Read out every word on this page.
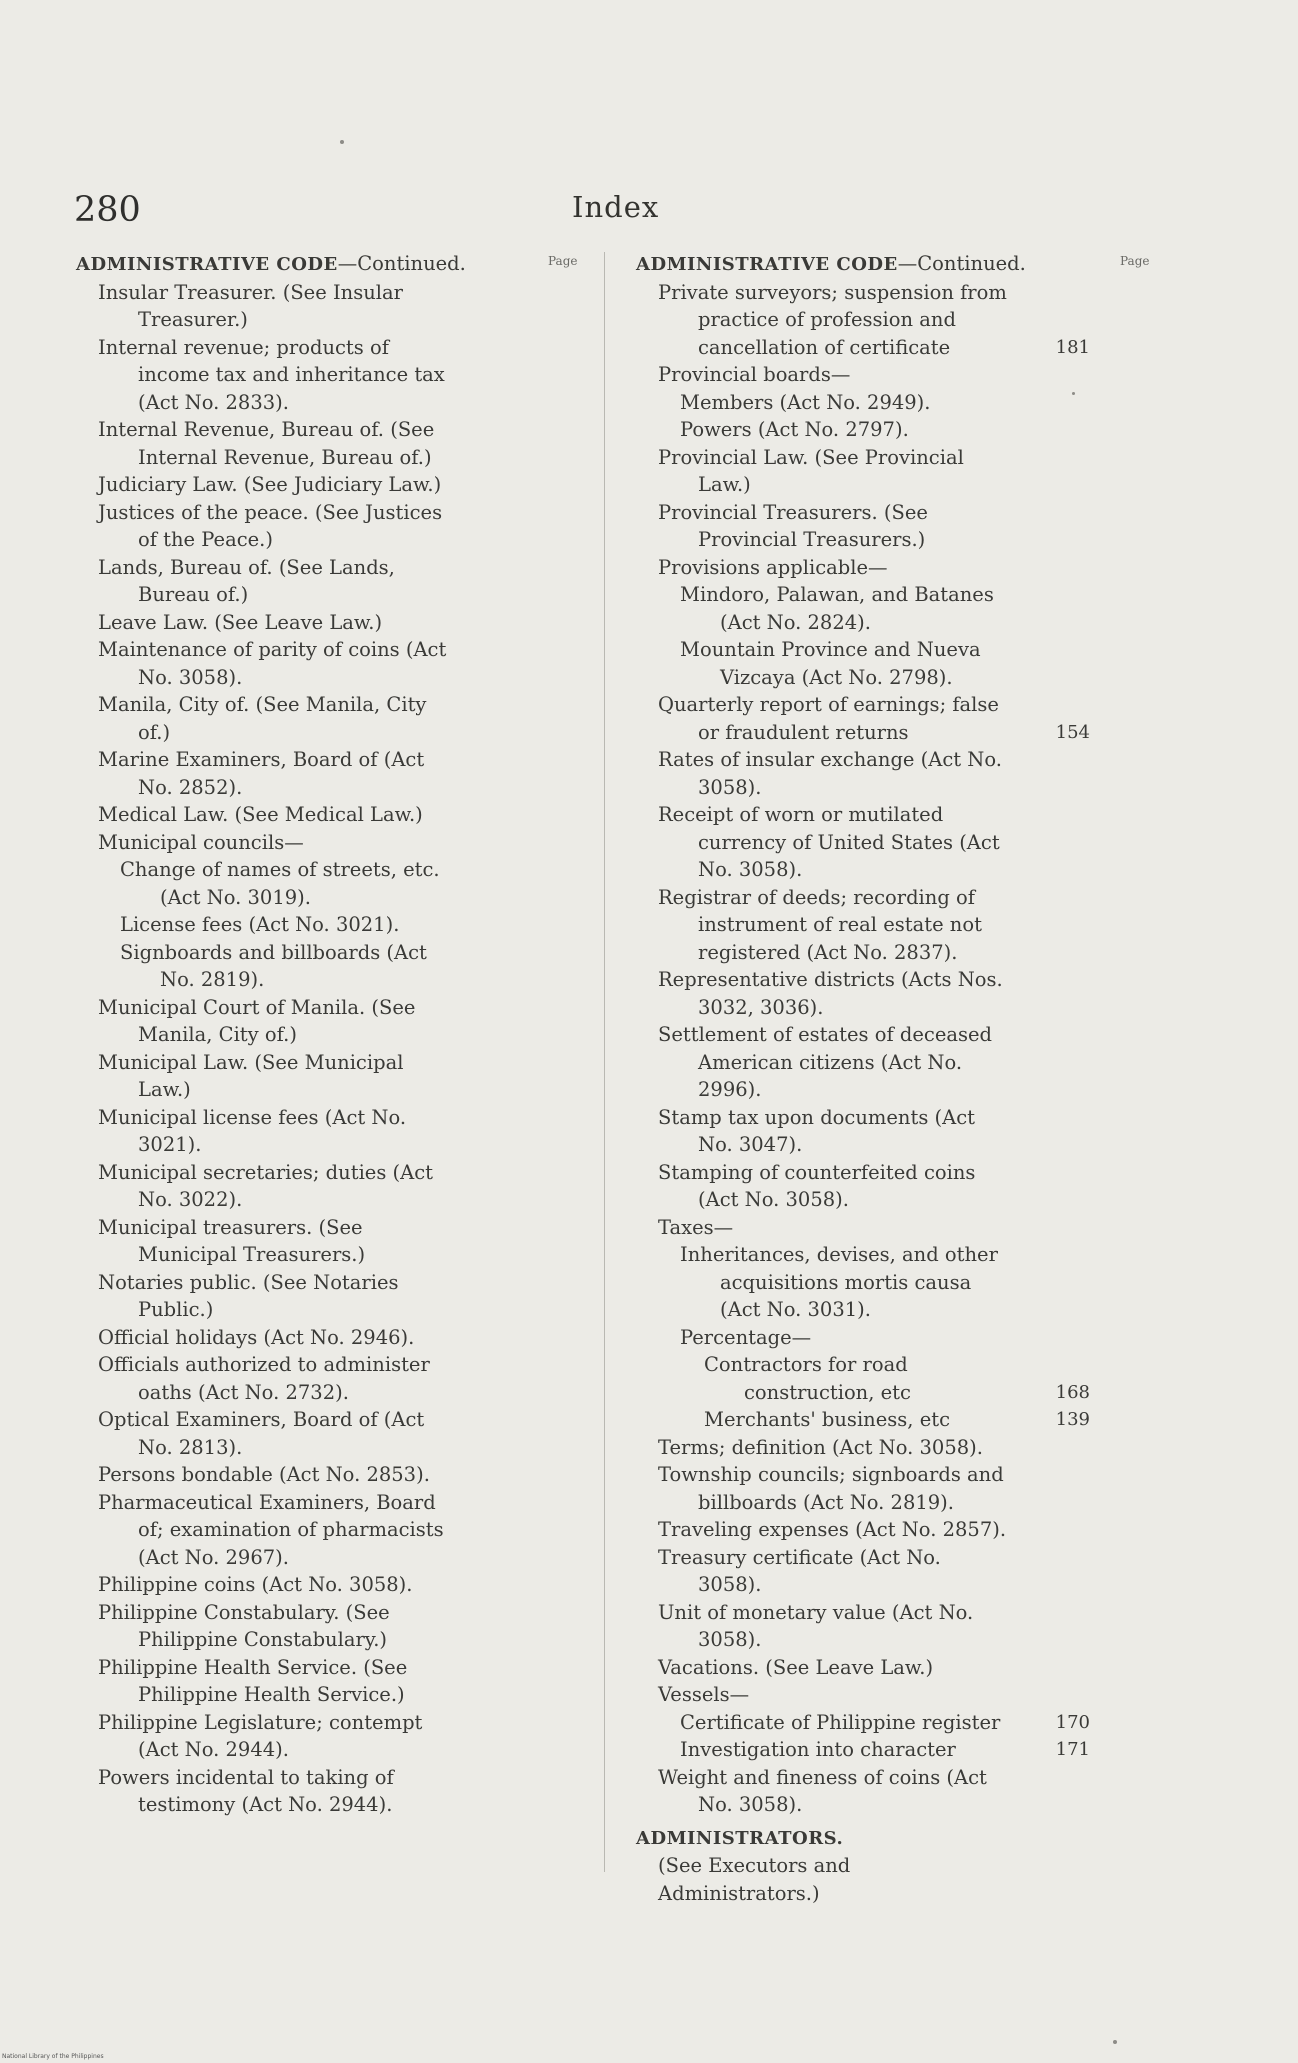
280	Index
Page	Page
ADMINISTRATIVE CODE—Continued.
Insular Treasurer. (See Insular Treasurer.)
Internal revenue; products of income tax and inheritance tax (Act No. 2833).
Internal Revenue, Bureau of. (See Internal Revenue, Bureau of.)
Judiciary Law. (See Judiciary Law.)
Justices of the peace. (See Justices of the Peace.)
Lands, Bureau of. (See Lands, Bureau of.)
Leave Law. (See Leave Law.)
Maintenance of parity of coins (Act No. 3058).
Manila, City of. (See Manila, City of.)
Marine Examiners, Board of (Act No. 2852).
Medical Law. (See Medical Law.)
Municipal councils—
Change of names of streets, etc. (Act No. 3019).
License fees (Act No. 3021).
Signboards and billboards (Act No. 2819).
Municipal Court of Manila. (See Manila, City of.)
Municipal Law. (See Municipal Law.)
Municipal license fees (Act No. 3021).
Municipal secretaries; duties (Act No. 3022).
Municipal treasurers. (See Municipal Treasurers.)
Notaries public. (See Notaries Public.)
Official holidays (Act No. 2946).
Officials authorized to administer oaths (Act No. 2732).
Optical Examiners, Board of (Act No. 2813).
Persons bondable (Act No. 2853).
Pharmaceutical Examiners, Board of; examination of pharmacists (Act No. 2967).
Philippine coins (Act No. 3058).
Philippine Constabulary. (See Philippine Constabulary.)
Philippine Health Service. (See Philippine Health Service.)
Philippine Legislature; contempt (Act No. 2944).
Powers incidental to taking of testimony (Act No. 2944).
ADMINISTRATIVE CODE—Continued.
Private surveyors; suspension from practice of profession and cancellation of certificate	181
Provincial boards—
Members (Act No. 2949).
Powers (Act No. 2797).
Provincial Law. (See Provincial Law.)
Provincial Treasurers. (See Provincial Treasurers.)
Provisions applicable—
Mindoro, Palawan, and Batanes (Act No. 2824).
Mountain Province and Nueva Vizcaya (Act No. 2798).
Quarterly report of earnings; false or fraudulent returns	154
Rates of insular exchange (Act No. 3058).
Receipt of worn or mutilated currency of United States (Act No. 3058).
Registrar of deeds; recording of instrument of real estate not registered (Act No. 2837).
Representative districts (Acts Nos. 3032, 3036).
Settlement of estates of deceased American citizens (Act No. 2996).
Stamp tax upon documents (Act No. 3047).
Stamping of counterfeited coins (Act No. 3058).
Taxes—
Inheritances, devises, and other acquisitions mortis causa (Act No. 3031).
Percentage—
Contractors for road construction, etc	168
Merchants' business, etc	139
Terms; definition (Act No. 3058).
Township councils; signboards and billboards (Act No. 2819).
Traveling expenses (Act No. 2857).
Treasury certificate (Act No. 3058).
Unit of monetary value (Act No. 3058).
Vacations. (See Leave Law.)
Vessels—
Certificate of Philippine register	170
Investigation into character	171
Weight and fineness of coins (Act No. 3058).
ADMINISTRATORS.
(See Executors and Administrators.)
National Library of the Philippines
